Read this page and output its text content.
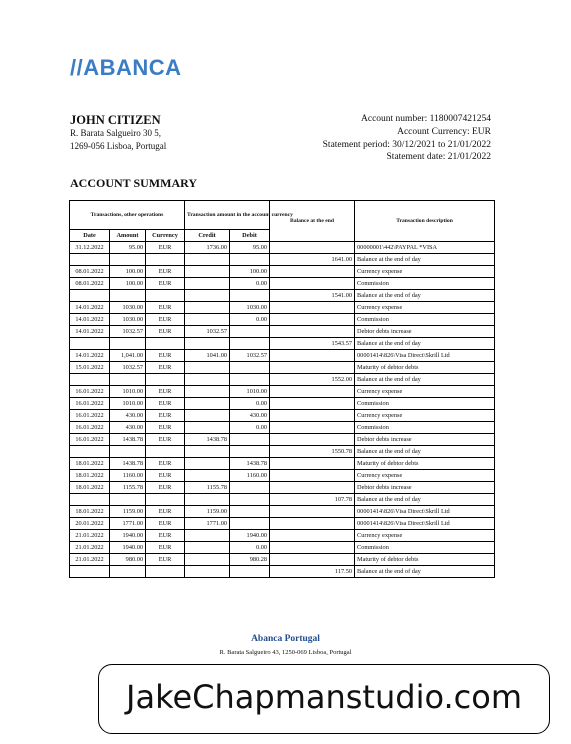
//ABANCA
JOHN CITIZEN
R. Barata Salgueiro 30 5,
1269-056 Lisboa, Portugal
Account number: 1180007421254
Account Currency: EUR
Statement period: 30/12/2021 to 21/01/2022
Statement date: 21/01/2022
ACCOUNT SUMMARY
Transactions, other operations			Transaction amount in the account currency		Balance at the end	Transaction description
Date	Amount	Currency	Credit	Debit		
31.12.2022	95.00	EUR	1736.00	95.00		00000001\442\PAYPAL *VISA
					1641.00	Balance at the end of day
08.01.2022	100.00	EUR		100.00		Currency expense
08.01.2022	100.00	EUR		0.00		Commission
					1541.00	Balance at the end of day
14.01.2022	1030.00	EUR		1030.00		Currency expense
14.01.2022	1030.00	EUR		0.00		Commission
14.01.2022	1032.57	EUR	1032.57			Debtor debts increase
					1543.57	Balance at the end of day
14.01.2022	1,041.00	EUR	1041.00	1032.57		00001414\826\Visa Direct\Skrill Ltd
15.01.2022	1032.57	EUR				Maturity of debtor debts
					1552.00	Balance at the end of day
16.01.2022	1010.00	EUR		1010.00		Currency expense
16.01.2022	1010.00	EUR		0.00		Commission
16.01.2022	430.00	EUR		430.00		Currency expense
16.01.2022	430.00	EUR		0.00		Commission
16.01.2022	1438.78	EUR	1438.78			Debtor debts increase
					1550.78	Balance at the end of day
18.01.2022	1438.78	EUR		1438.78		Maturity of debtor debts
18.01.2022	1160.00	EUR		1160.00		Currency expense
18.01.2022	1155.78	EUR	1155.78			Debtor debts increase
					107.78	Balance at the end of day
18.01.2022	1159.00	EUR	1159.00			00001414\826\Visa Direct\Skrill Ltd
20.01.2022	1771.00	EUR	1771.00			00001414\826\Visa Direct\Skrill Ltd
21.01.2022	1940.00	EUR		1940.00		Currency expense
21.01.2022	1940.00	EUR		0.00		Commission
21.01.2022	980.00	EUR		980.28		Maturity of debtor debts
					117.50	Balance at the end of day
Abanca Portugal
R. Barata Salgueiro 43, 1250-069 Lisboa, Portugal
JakeChapmanstudio.com
